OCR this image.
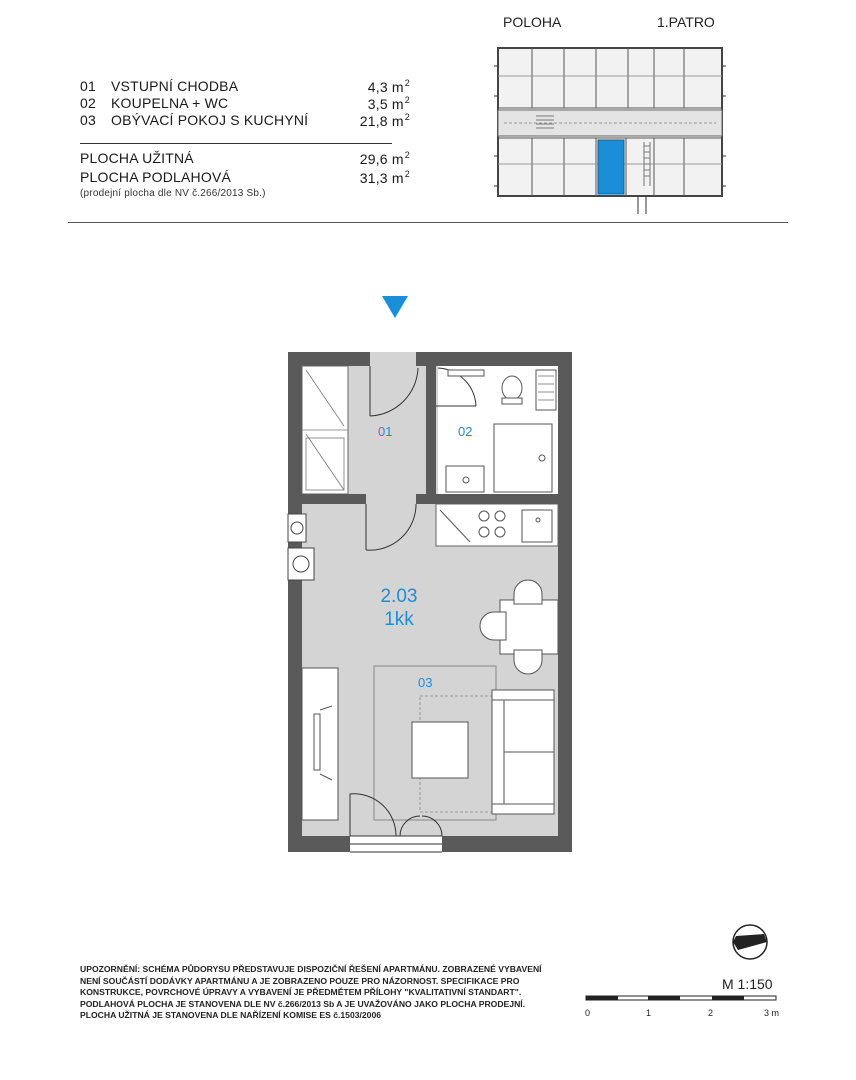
01 VSTUPNÍ CHODBA	4,3 $m^2$
02 KOUPELNA + WC	3,5 $m^2$
03 OBÝVACÍ POKOJ S KUCHYNÍ	21,8 $m^2$
PLOCHA UŽITNÁ	29,6 $m^2$
PLOCHA PODLAHOVÁ	31,3 $m^2$
(prodejní plocha dle NV č.266/2013 Sb.)
POLOHA	1.PATRO
01	02
03
2.03
1kk
M 1:150
0	1	2	3 m
UPOZORNĚNÍ: SCHÉMA PŮDORYSU PŘEDSTAVUJE DISPOZIČNÍ ŘEŠENÍ APARTMÁNU. ZOBRAZENÉ VYBAVENÍ
NENÍ SOUČÁSTÍ DODÁVKY APARTMÁNU A JE ZOBRAZENO POUZE PRO NÁZORNOST. SPECIFIKACE PRO
KONSTRUKCE, POVRCHOVÉ ÚPRAVY A VYBAVENÍ JE PŘEDMĚTEM PŘÍLOHY "KVALITATIVNÍ STANDART".
PODLAHOVÁ PLOCHA JE STANOVENA DLE NV č.266/2013 Sb A JE UVAŽOVÁNO JAKO PLOCHA PRODEJNÍ.
PLOCHA UŽITNÁ JE STANOVENA DLE NAŘÍZENÍ KOMISE ES č.1503/2006
